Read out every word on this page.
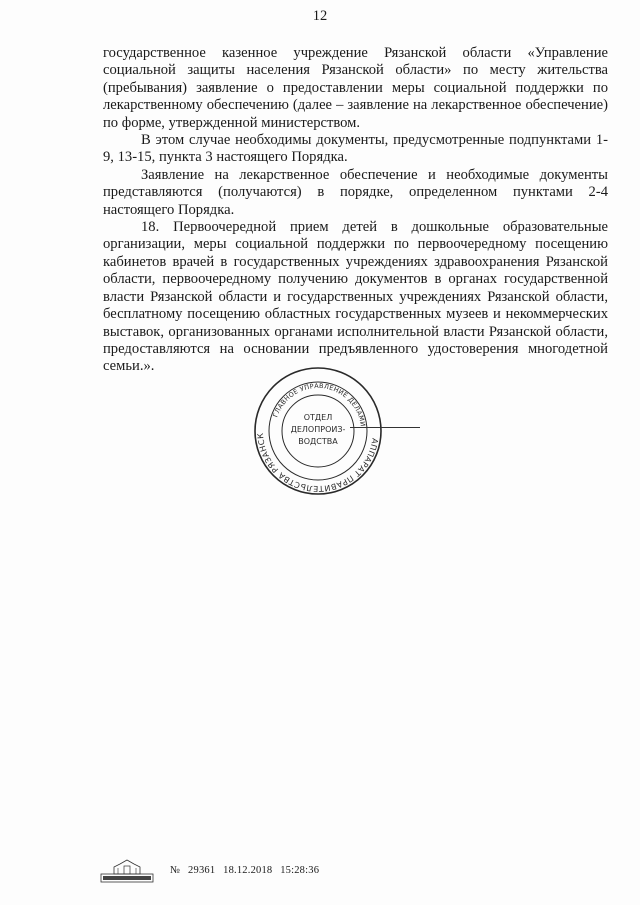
12

государственное казенное учреждение Рязанской области «Управление социальной защиты населения Рязанской области» по месту жительства (пребывания) заявление о предоставлении меры социальной поддержки по лекарственному обеспечению (далее – заявление на лекарственное обеспечение) по форме, утвержденной министерством.

В этом случае необходимы документы, предусмотренные подпунктами 1-9, 13-15, пункта 3 настоящего Порядка.

Заявление на лекарственное обеспечение и необходимые документы представляются (получаются) в порядке, определенном пунктами 2-4 настоящего Порядка.

18. Первоочередной прием детей в дошкольные образовательные организации, меры социальной поддержки по первоочередному посещению кабинетов врачей в государственных учреждениях здравоохранения Рязанской области, первоочередному получению документов в органах государственной власти Рязанской области и государственных учреждениях Рязанской области, бесплатному посещению областных государственных музеев и некоммерческих выставок, организованных органами исполнительной власти Рязанской области, предоставляются на основании предъявленного удостоверения многодетной семьи.».

АППАРАТ ПРАВИТЕЛЬСТВА РЯЗАНСК
ГЛАВНОЕ УПРАВЛЕНИЕ ДЕЛАМИ
ОТДЕЛ
ДЕЛОПРОИЗ-
ВОДСТВА
№ 29361 18.12.2018 15:28:36
